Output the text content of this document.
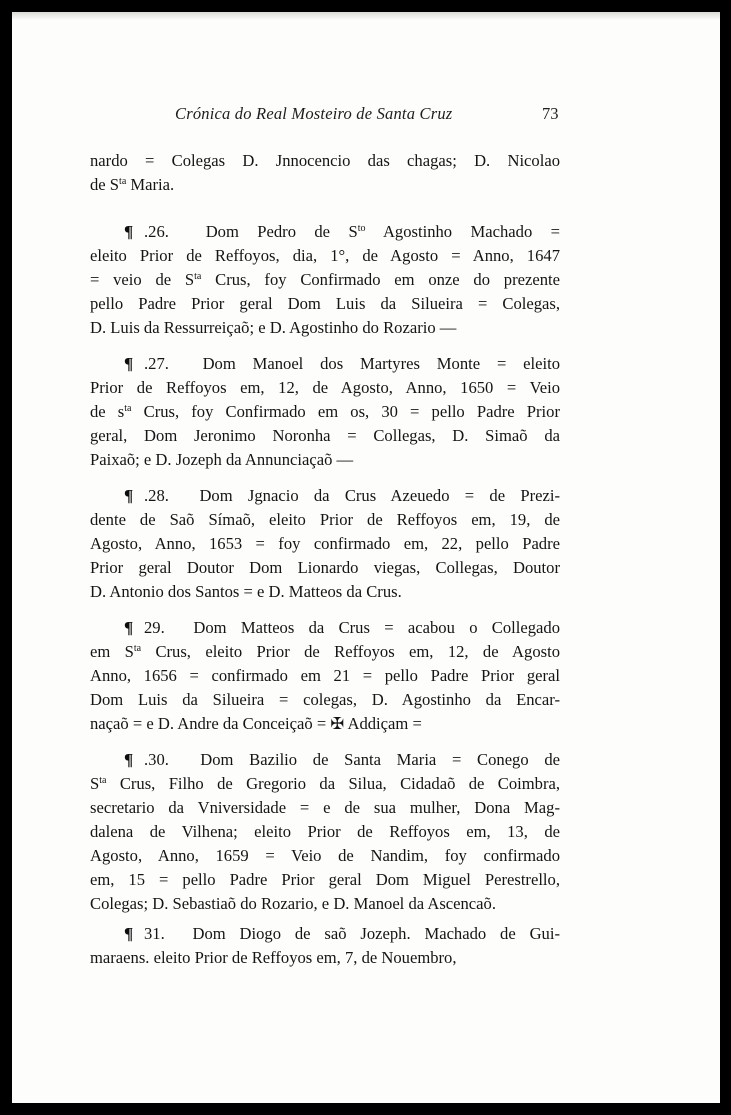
Crónica do Real Mosteiro de Santa Cruz	73

nardo = Colegas D. Jnnocencio das chagas; D. Nicolao
de $S^{ta}$ Maria.

¶ .26.  Dom Pedro de $S^{to}$ Agostinho Machado =
eleito Prior de Reffoyos, dia, 1°, de Agosto = Anno, 1647
= veio de $S^{ta}$ Crus, foy Confirmado em onze do prezente
pello Padre Prior geral Dom Luis da Silueira = Colegas,
D. Luis da Ressurreiçaõ; e D. Agostinho do Rozario —

¶ .27.  Dom Manoel dos Martyres Monte = eleito
Prior de Reffoyos em, 12, de Agosto, Anno, 1650 = Veio
de $s^{ta}$ Crus, foy Confirmado em os, 30 = pello Padre Prior
geral, Dom Jeronimo Noronha = Collegas, D. Simaõ da
Paixaõ; e D. Jozeph da Annunciaçaõ —

¶ .28.  Dom Jgnacio da Crus Azeuedo = de Prezi-
dente de Saõ Símaõ, eleito Prior de Reffoyos em, 19, de
Agosto, Anno, 1653 = foy confirmado em, 22, pello Padre
Prior geral Doutor Dom Lionardo viegas, Collegas, Doutor
D. Antonio dos Santos = e D. Matteos da Crus.

¶ 29.  Dom Matteos da Crus = acabou o Collegado
em $S^{ta}$ Crus, eleito Prior de Reffoyos em, 12, de Agosto
Anno, 1656 = confirmado em 21 = pello Padre Prior geral
Dom Luis da Silueira = colegas, D. Agostinho da Encar-
naçaõ = e D. Andre da Conceiçaõ = ✠ Addiçam =

¶ .30.  Dom Bazilio de Santa Maria = Conego de
$S^{ta}$ Crus, Filho de Gregorio da Silua, Cidadaõ de Coimbra,
secretario da Vniversidade = e de sua mulher, Dona Mag-
dalena de Vilhena; eleito Prior de Reffoyos em, 13, de
Agosto, Anno, 1659 = Veio de Nandim, foy confirmado
em, 15 = pello Padre Prior geral Dom Miguel Perestrello,
Colegas; D. Sebastiaõ do Rozario, e D. Manoel da Ascencaõ.

¶ 31.  Dom Diogo de saõ Jozeph. Machado de Gui-
maraens. eleito Prior de Reffoyos em, 7, de Nouembro,
